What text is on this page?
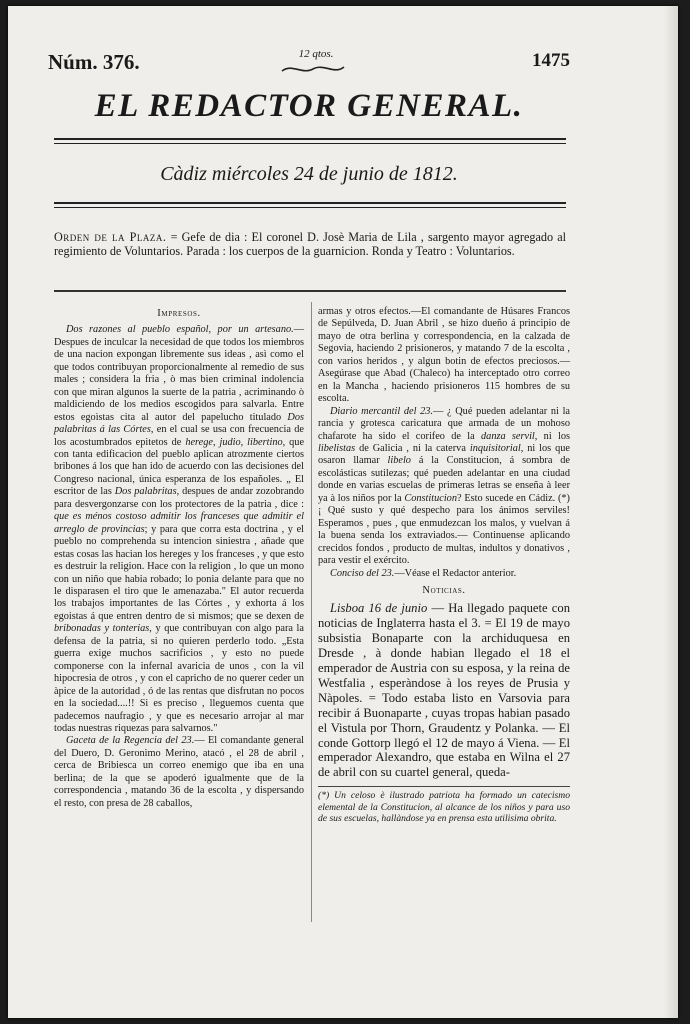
Núm. 376.	12 qtos.	1475
EL REDACTOR GENERAL.
Càdiz miércoles 24 de junio de 1812.
Orden de la Plaza. = Gefe de dia : El coronel D. Josè Maria de Lila , sargento mayor agregado al regimiento de Voluntarios. Parada : los cuerpos de la guarnicion. Ronda y Teatro : Voluntarios.
Impresos.

Dos razones al pueblo español, por un artesano.—Despues de inculcar la necesidad de que todos los miembros de una nacion expongan libremente sus ideas , asì como el que todos contribuyan proporcionalmente al remedio de sus males ; considera la fria , ò mas bien criminal indolencia con que miran algunos la suerte de la patria , acriminando ò maldiciendo de los medios escogidos para salvarla. Entre estos egoìstas cita al autor del papelucho titulado Dos palabritas á las Córtes, en el cual se usa con frecuencia de los acostumbrados epitetos de herege, judio, libertino, que con tanta edificacion del pueblo aplican atrozmente ciertos bribones á los que han ido de acuerdo con las decisiones del Congreso nacional, única esperanza de los españoles. „ El escritor de las Dos palabritas, despues de andar zozobrando para desvergonzarse con los protectores de la patria , dice : que es ménos costoso admitir los franceses que admitir el arreglo de provincias; y para que corra esta doctrina , y el pueblo no comprehenda su intencion siniestra , añade que estas cosas las hacian los hereges y los franceses , y que esto es destruir la religion. Hace con la religion , lo que un mono con un niño que habia robado; lo ponia delante para que no le disparasen el tiro que le amenazaba." El autor recuerda los trabajos importantes de las Córtes , y exhorta á los egoistas á que entren dentro de sì mismos; que se dexen de bribonadas y tonterias, y que contribuyan con algo para la defensa de la patria, si no quieren perderlo todo. „Esta guerra exige muchos sacrificios , y esto no puede componerse con la infernal avaricia de unos , con la vil hipocresia de otros , y con el capricho de no querer ceder un àpice de la autoridad , ó de las rentas que disfrutan no pocos en la sociedad....!! Si es preciso , lleguemos cuenta que padecemos naufragio , y que es necesario arrojar al mar todas nuestras riquezas para salvarnos."

Gaceta de la Regencia del 23.— El comandante general del Duero, D. Geronimo Merino, atacó , el 28 de abril , cerca de Bribiesca un correo enemigo que iba en una berlina; de la que se apoderó igualmente que de la correspondencia , matando 36 de la escolta , y dispersando el resto, con presa de 28 caballos,

armas y otros efectos.—El comandante de Húsares Francos de Sepúlveda, D. Juan Abril , se hizo dueño á principio de mayo de otra berlina y correspondencia, en la calzada de Segovia, haciendo 2 prisioneros, y matando 7 de la escolta , con varios heridos , y algun botin de efectos preciosos.—Asegúrase que Abad (Chaleco) ha interceptado otro correo en la Mancha , haciendo prisioneros 115 hombres de su escolta.

Diario mercantil del 23.— ¿ Qué pueden adelantar ni la rancia y grotesca caricatura que armada de un mohoso chafarote ha sido el corifeo de la danza servil, ni los libelistas de Galicia , ni la caterva inquisitorial, ni los que osaron llamar libelo á la Constitucion, á sombra de escolásticas sutilezas; qué pueden adelantar en una ciudad donde en varias escuelas de primeras letras se enseña à leer ya à los niños por la Constitucion? Esto sucede en Cádiz. (*) ¡ Qué susto y qué despecho para los ánimos serviles! Esperamos , pues , que enmudezcan los malos, y vuelvan á la buena senda los extraviados.— Continuense aplicando crecidos fondos , producto de multas, indultos y donativos , para vestir el exército.

Conciso del 23.—Véase el Redactor anterior.

Noticias.

Lisboa 16 de junio — Ha llegado paquete con noticias de Inglaterra hasta el 3. = El 19 de mayo subsistia Bonaparte con la archiduquesa en Dresde , à donde habian llegado el 18 el emperador de Austria con su esposa, y la reina de Westfalia , esperàndose à los reyes de Prusia y Nàpoles. = Todo estaba listo en Varsovia para recibir á Buonaparte , cuyas tropas habian pasado el Vistula por Thorn, Graudentz y Polanka. — El conde Gottorp llegó el 12 de mayo á Viena. — El emperador Alexandro, que estaba en Wilna el 27 de abril con su cuartel general, queda-

(*) Un celoso è ilustrado patriota ha formado un catecismo elemental de la Constitucion, al alcance de los niños y para uso de sus escuelas, hallàndose ya en prensa esta utilisima obrita.
